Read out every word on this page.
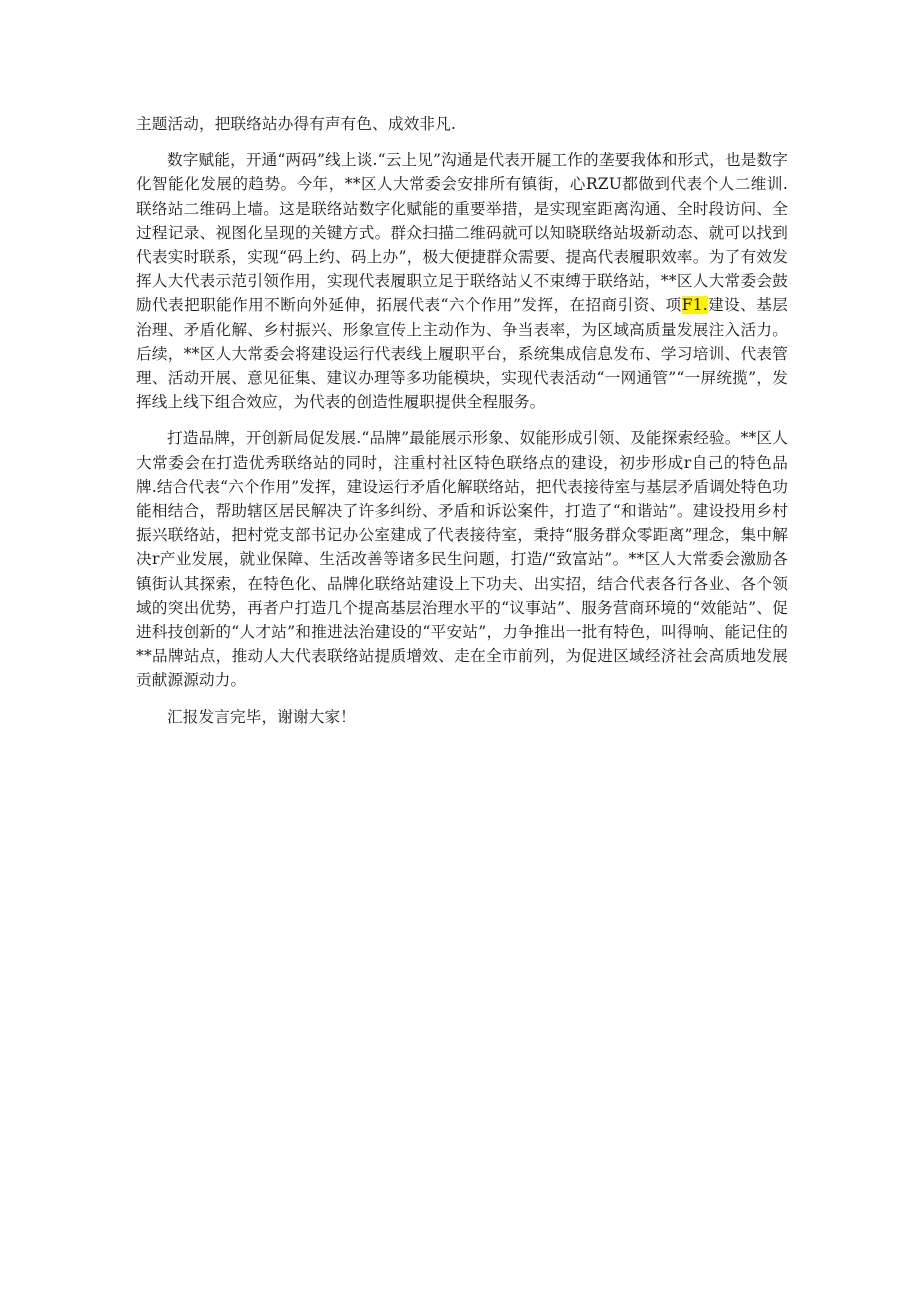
主题活动，把联络站办得有声有色、成效非凡.

数字赋能，开通“两码”线上谈.“云上见”沟通是代表开屣工作的垄要我体和形式，也是数字化智能化发展的趋势。今年，**区人大常委会安排所有镇街，心RZU都做到代表个人二维训.联络站二维码上墙。这是联络站数字化赋能的重要举措，是实现室距离沟通、全时段访问、全过程记录、视图化呈现的关键方式。群众扫描二维码就可以知晓联络站圾新动态、就可以找到代表实时联系，实现“码上约、码上办”，极大便捷群众需要、提高代表履职效率。为了有效发挥人大代表示范引领作用，实现代表履职立足于联络站乂不束缚于联络站，**区人大常委会鼓励代表把职能作用不断向外延伸，拓展代表“六个作用”发挥，在招商引资、项F1.建设、基层治理、矛盾化解、乡村振兴、形象宣传上主动作为、争当表率，为区域高质量发展注入活力。后续，**区人大常委会将建设运行代表线上履职平台，系统集成信息发布、学习培训、代表管理、活动开展、意见征集、建议办理等多功能模块，实现代表活动“一网通管”“一屏统揽”，发挥线上线下组合效应，为代表的创造性履职提供全程服务。

打造品牌，开创新局促发展.“品牌”最能展示形象、奴能形成引领、及能探索经验。**区人大常委会在打造优秀联络站的同时，注重村社区特色联络点的建设，初步形成r自己的特色品牌.结合代表“六个作用”发挥，建设运行矛盾化解联络站，把代表接待室与基层矛盾调处特色功能相结合，帮助辖区居民解决了许多纠纷、矛盾和诉讼案件，打造了“和谐站”。建设投用乡村振兴联络站，把村党支部书记办公室建成了代表接待室，秉持“服务群众零距离”理念，集中解决r产业发展，就业保障、生活改善等诸多民生问题，打造/“致富站”。**区人大常委会激励各镇街认其探索，在特色化、品牌化联络站建设上下功夫、出实招，结合代表各行各业、各个领域的突出优势，再者户打造几个提高基层治理水平的“议事站”、服务营商环境的“效能站”、促进科技创新的“人才站”和推进法治建设的“平安站”，力争推出一批有特色，叫得响、能记住的**品牌站点，推动人大代表联络站提质增效、走在全市前列，为促进区域经济社会高质地发展贡献源源动力。

汇报发言完毕，谢谢大家！
